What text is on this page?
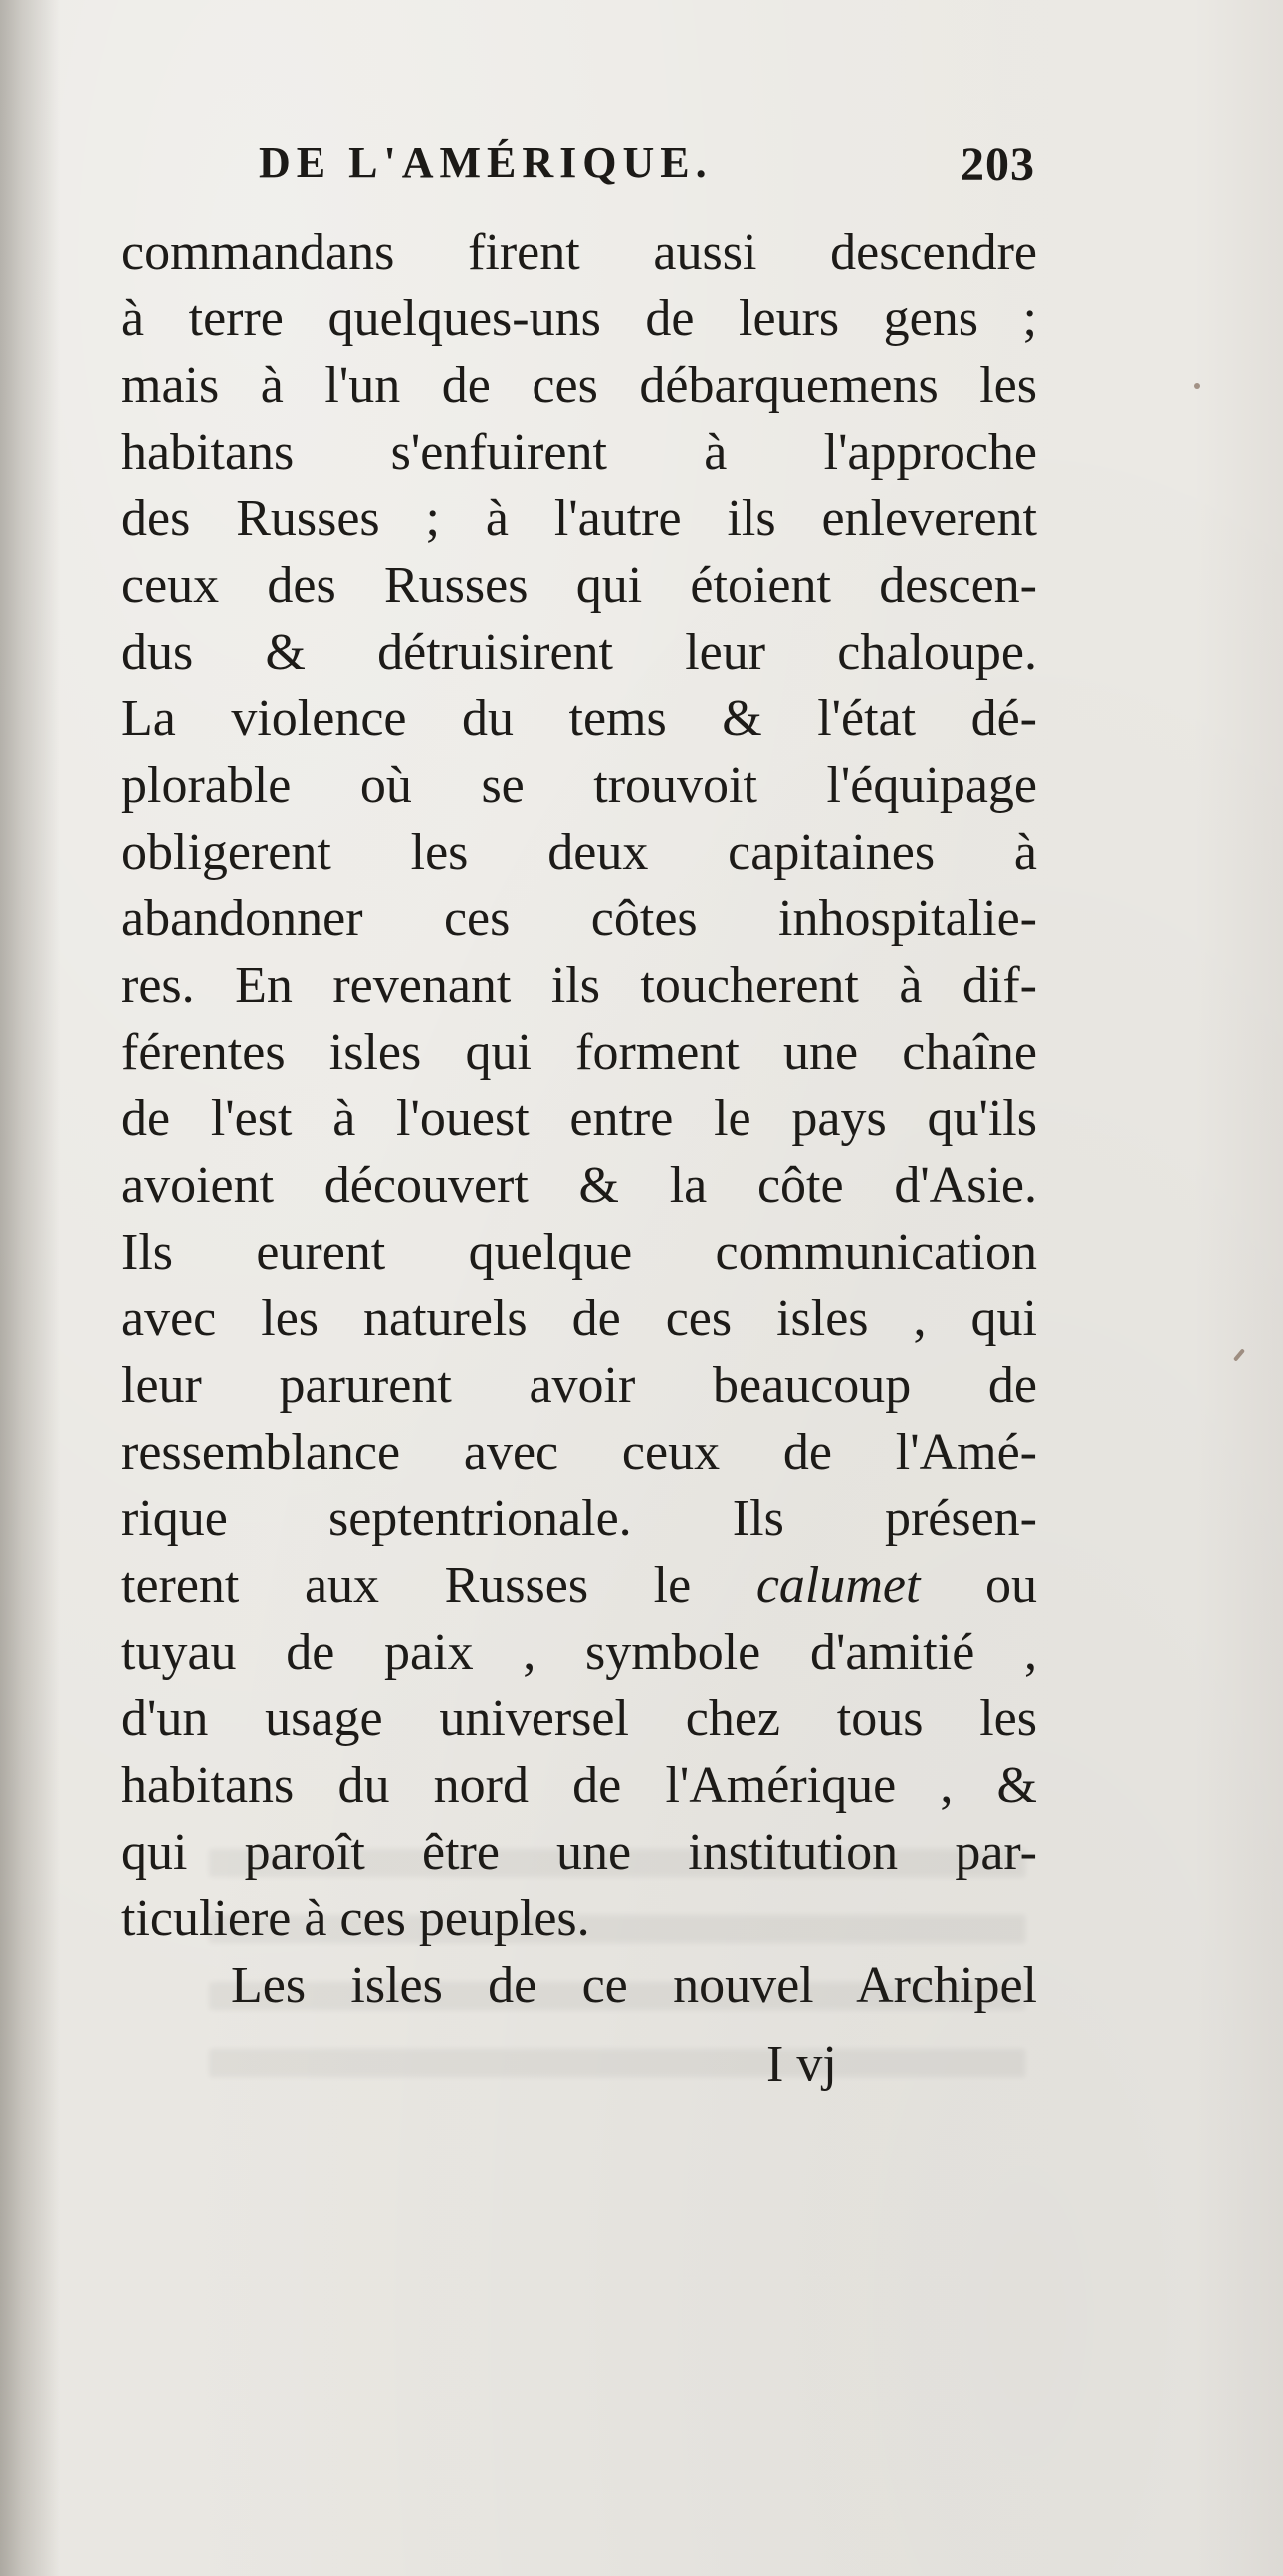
DE L'AMÉRIQUE.	203
commandans firent aussi descendre
à terre quelques-uns de leurs gens ;
mais à l'un de ces débarquemens les
habitans s'enfuirent à l'approche
des Russes ; à l'autre ils enleverent
ceux des Russes qui étoient descen-
dus & détruisirent leur chaloupe.
La violence du tems & l'état dé-
plorable où se trouvoit l'équipage
obligerent les deux capitaines à
abandonner ces côtes inhospitalie-
res. En revenant ils toucherent à dif-
férentes isles qui forment une chaîne
de l'est à l'ouest entre le pays qu'ils
avoient découvert & la côte d'Asie.
Ils eurent quelque communication
avec les naturels de ces isles , qui
leur parurent avoir beaucoup de
ressemblance avec ceux de l'Amé-
rique septentrionale. Ils présen-
terent aux Russes le calumet ou
tuyau de paix , symbole d'amitié ,
d'un usage universel chez tous les
habitans du nord de l'Amérique , &
qui paroît être une institution par-
ticuliere à ces peuples.
Les isles de ce nouvel Archipel
I vj
